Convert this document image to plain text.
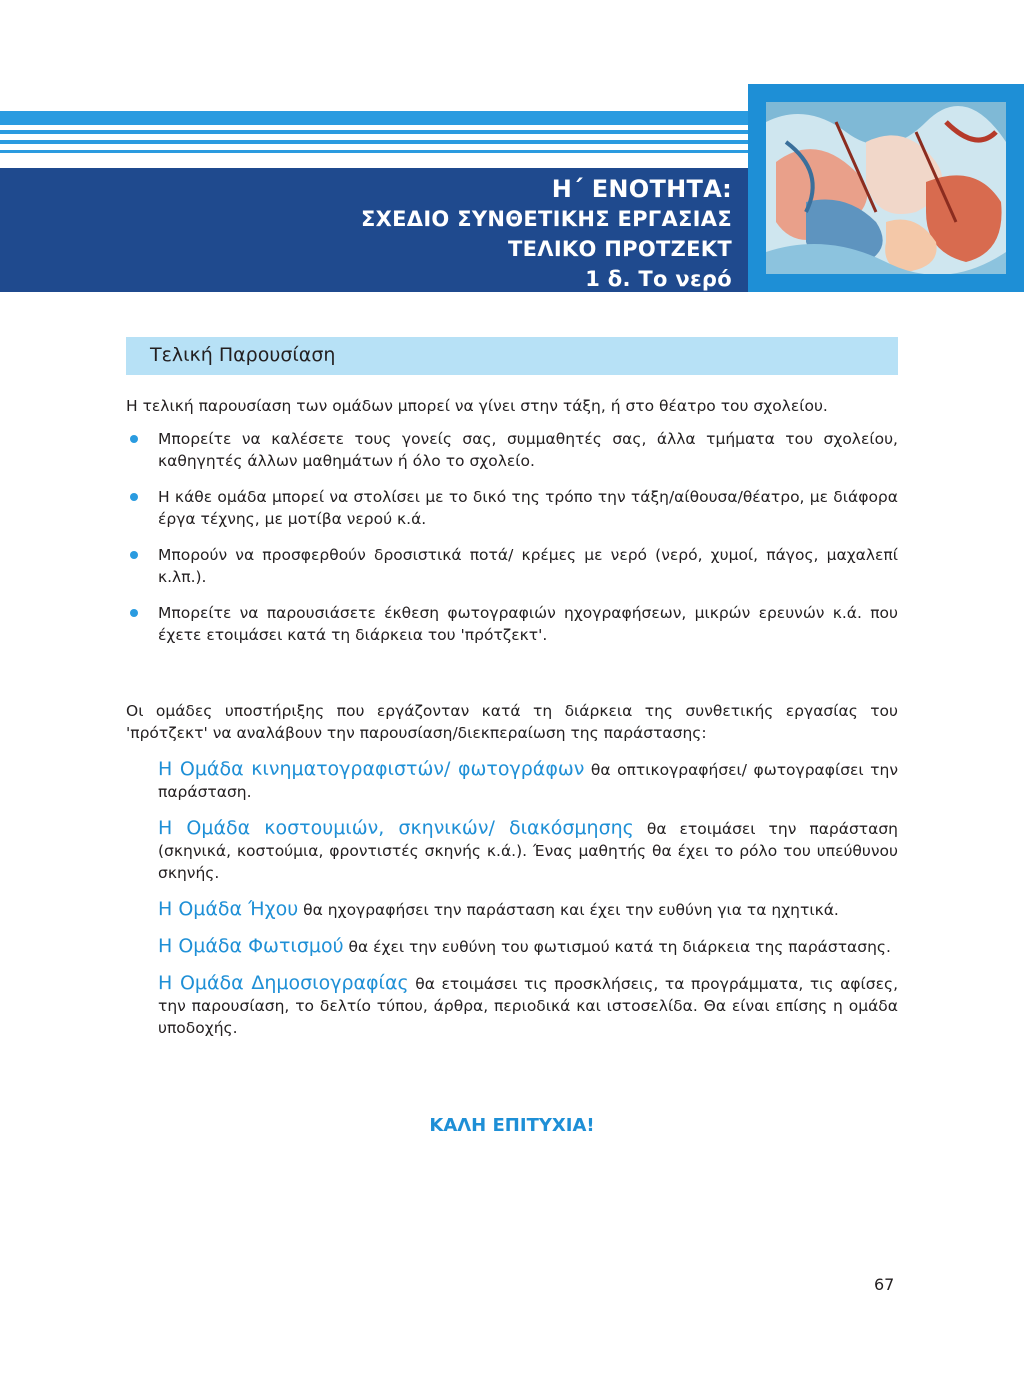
Η΄ ΕΝΟΤΗΤΑ:
ΣΧΕΔΙΟ ΣΥΝΘΕΤΙΚΗΣ ΕΡΓΑΣΙΑΣ
ΤΕΛΙΚΟ ΠΡΟΤΖΕΚΤ
1 δ. Το νερό
Τελική Παρουσίαση
Η τελική παρουσίαση των ομάδων μπορεί να γίνει στην τάξη, ή στο θέατρο του σχολείου.
Μπορείτε να καλέσετε τους γονείς σας, συμμαθητές σας, άλλα τμήματα του σχολείου, καθηγητές άλλων μαθημάτων ή όλο το σχολείο.
Η κάθε ομάδα μπορεί να στολίσει με το δικό της τρόπο την τάξη/αίθουσα/θέατρο, με διάφορα έργα τέχνης, με μοτίβα νερού κ.ά.
Μπορούν να προσφερθούν δροσιστικά ποτά/ κρέμες με νερό (νερό, χυμοί, πάγος, μαχαλεπί κ.λπ.).
Μπορείτε να παρουσιάσετε έκθεση φωτογραφιών ηχογραφήσεων, μικρών ερευνών κ.ά. που έχετε ετοιμάσει κατά τη διάρκεια του 'πρότζεκτ'.
Οι ομάδες υποστήριξης που εργάζονταν κατά τη διάρκεια της συνθετικής εργασίας του 'πρότζεκτ' να αναλάβουν την παρουσίαση/διεκπεραίωση της παράστασης:
Η Ομάδα κινηματογραφιστών/ φωτογράφων θα οπτικογραφήσει/ φωτογραφίσει την παράσταση.
Η Ομάδα κοστουμιών, σκηνικών/ διακόσμησης θα ετοιμάσει την παράσταση (σκηνικά, κοστούμια, φροντιστές σκηνής κ.ά.). Ένας μαθητής θα έχει το ρόλο του υπεύθυνου σκηνής.
Η Ομάδα Ήχου θα ηχογραφήσει την παράσταση και έχει την ευθύνη για τα ηχητικά.
Η Ομάδα Φωτισμού θα έχει την ευθύνη του φωτισμού κατά τη διάρκεια της παράστασης.
Η Ομάδα Δημοσιογραφίας θα ετοιμάσει τις προσκλήσεις, τα προγράμματα, τις αφίσες, την παρουσίαση, το δελτίο τύπου, άρθρα, περιοδικά και ιστοσελίδα. Θα είναι επίσης η ομάδα υποδοχής.
ΚΑΛΗ ΕΠΙΤΥΧΙΑ!
67
